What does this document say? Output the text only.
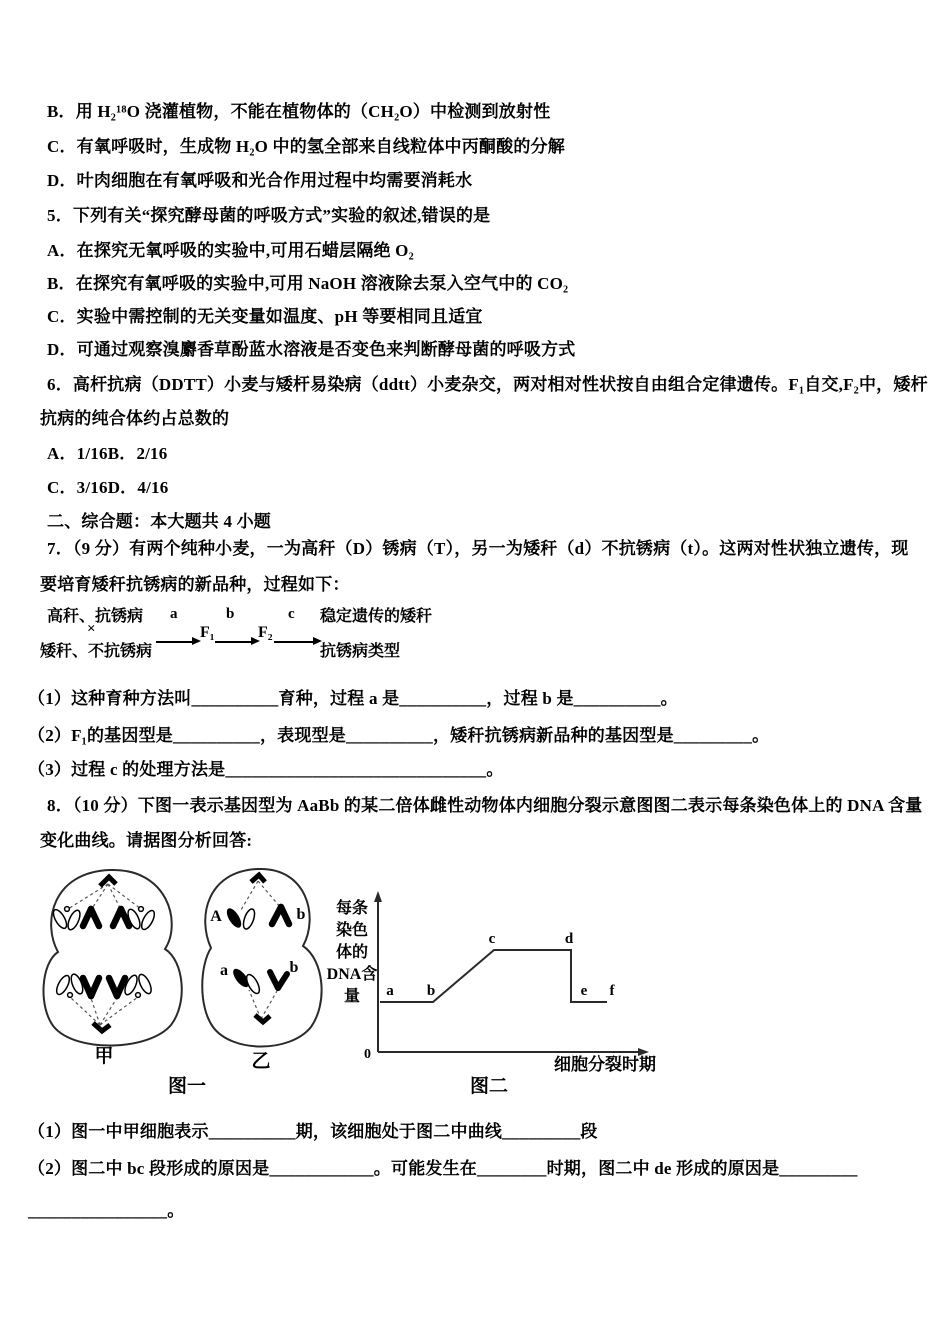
B．用 H₂¹⁸O 浇灌植物，不能在植物体的（CH₂O）中检测到放射性

C．有氧呼吸时，生成物 H₂O 中的氢全部来自线粒体中丙酮酸的分解

D．叶肉细胞在有氧呼吸和光合作用过程中均需要消耗水

5．下列有关“探究酵母菌的呼吸方式”实验的叙述,错误的是

A．在探究无氧呼吸的实验中,可用石蜡层隔绝 O₂

B．在探究有氧呼吸的实验中,可用 NaOH 溶液除去泵入空气中的 CO₂

C．实验中需控制的无关变量如温度、pH 等要相同且适宜

D．可通过观察溴麝香草酚蓝水溶液是否变色来判断酵母菌的呼吸方式

6．高杆抗病（DDTT）小麦与矮杆易染病（ddtt）小麦杂交，两对相对性状按自由组合定律遗传。F₁自交,F₂中，矮杆

抗病的纯合体约占总数的

A．1/16B．2/16

C．3/16D．4/16

二、综合题：本大题共 4 小题

7．（9 分）有两个纯种小麦，一为高秆（D）锈病（T），另一为矮秆（d）不抗锈病（t）。这两对性状独立遗传，现

要培育矮秆抗锈病的新品种，过程如下：

（1）这种育种方法叫__________育种，过程 a 是__________，过程 b 是__________。

（2）F₁的基因型是__________，表现型是__________，矮秆抗锈病新品种的基因型是_________。

（3）过程 c 的处理方法是______________________________。

8．（10 分）下图一表示基因型为 AaBb 的某二倍体雌性动物体内细胞分裂示意图图二表示每条染色体上的 DNA 含量

变化曲线。请据图分析回答:

（1）图一中甲细胞表示__________期，该细胞处于图二中曲线_________段

（2）图二中 bc 段形成的原因是____________。可能发生在________时期，图二中 de 形成的原因是_________

________________。

高秆、抗锈病
×
矮秆、不抗锈病
a
F₁
b
F₂
c 稳定遗传的矮秆
抗锈病类型
甲
A	b
a	b
乙
图一
a b
c	d
e f
0
每条
染色
体的
DNA含
量
细胞分裂时期
图二
